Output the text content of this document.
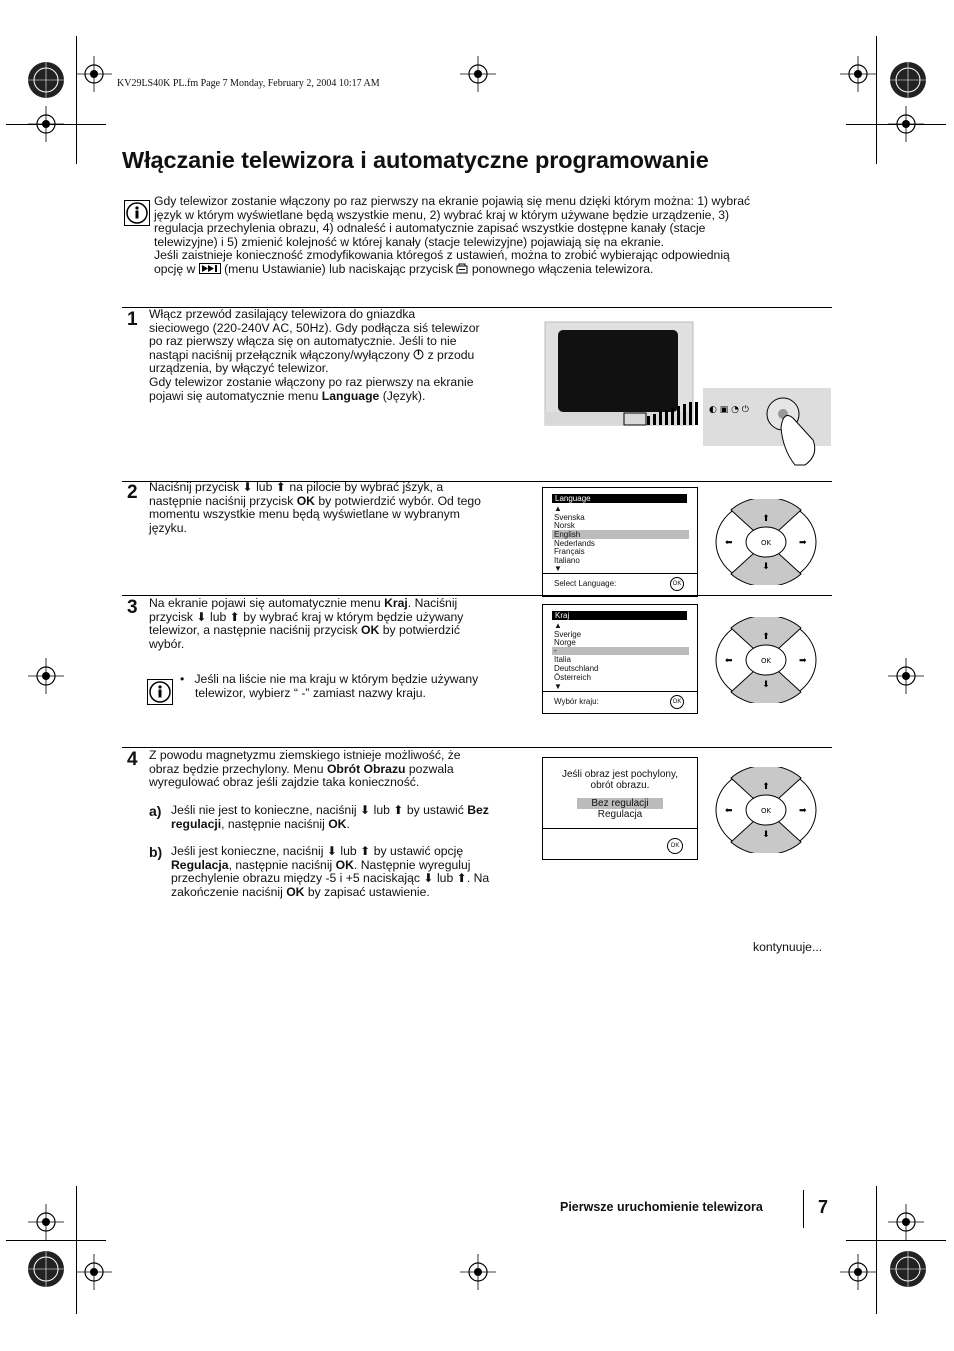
KV29LS40K PL.fm Page 7 Monday, February 2, 2004 10:17 AM
Włączanie telewizora i automatyczne programowanie
Gdy telewizor zostanie włączony po raz pierwszy na ekranie pojawią się menu dzięki którym można: 1) wybrać
język w którym wyświetlane będą wszystkie menu, 2) wybrać kraj w którym używane będzie urządzenie, 3)
regulacja przechylenia obrazu, 4) odnaleść i automatycznie zapisać wszystkie dostępne kanały (stacje
telewizyjne) i 5) zmienić kolejność w której kanały (stacje telewizyjne) pojawiają się na ekranie.
Jeśli zaistnieje konieczność zmodyfikowania któregoś z ustawień, można to zrobić wybierając odpowiednią
opcję w (menu Ustawianie) lub naciskając przycisk ponownego włączenia telewizora.
1 Włącz przewód zasilający telewizora do gniazdka
sieciowego (220-240V AC, 50Hz). Gdy podłącza siś telewizor
po raz pierwszy włącza się on automatycznie. Jeśli to nie
nastąpi naciśnij przełącznik włączony/wyłączony z przodu
urządzenia, by włączyć telewizor.
Gdy telewizor zostanie włączony po raz pierwszy na ekranie
pojawi się automatycznie menu Language (Język).
◐ ▣ ◔ ⏻
2 Naciśnij przycisk ⬇ lub ⬆ na pilocie by wybrać jśzyk, a
następnie naciśnij przycisk OK by potwierdzić wybór. Od tego
momentu wszystkie menu będą wyświetlane w wybranym
języku.
Language
▲
Svenska
Norsk
English
Nederlands
Français
Italiano
▼
Select Language:	OK
OK
⬆
⬇
⬅	➡
3 Na ekranie pojawi się automatycznie menu Kraj. Naciśnij
przycisk ⬇ lub ⬆ by wybrać kraj w którym będzie używany
telewizor, a następnie naciśnij przycisk OK by potwierdzić
wybór.
• Jeśli na liście nie ma kraju w którym będzie używany
telewizor, wybierz “ -” zamiast nazwy kraju.
Kraj
▲
Sverige
Norge
-
Italia
Deutschland
Österreich
▼
Wybór kraju:	OK
OK
⬆
⬇
⬅	➡
4 Z powodu magnetyzmu ziemskiego istnieje możliwość, że
obraz będzie przechylony. Menu Obrót Obrazu pozwala
wyregulować obraz jeśli zajdzie taka konieczność.
a) Jeśli nie jest to konieczne, naciśnij ⬇ lub ⬆ by ustawić Bez
regulacji, następnie naciśnij OK.
b) Jeśli jest konieczne, naciśnij ⬇ lub ⬆ by ustawić opcję
Regulacja, następnie naciśnij OK. Następnie wyreguluj
przechylenie obrazu między -5 i +5 naciskając ⬇ lub ⬆. Na
zakończenie naciśnij OK by zapisać ustawienie.
Jeśli obraz jest pochylony,
obrót obrazu.
Bez regulacji
Regulacja
OK
OK
⬆
⬇
⬅	➡
kontynuuje...
Pierwsze uruchomienie telewizora	7
